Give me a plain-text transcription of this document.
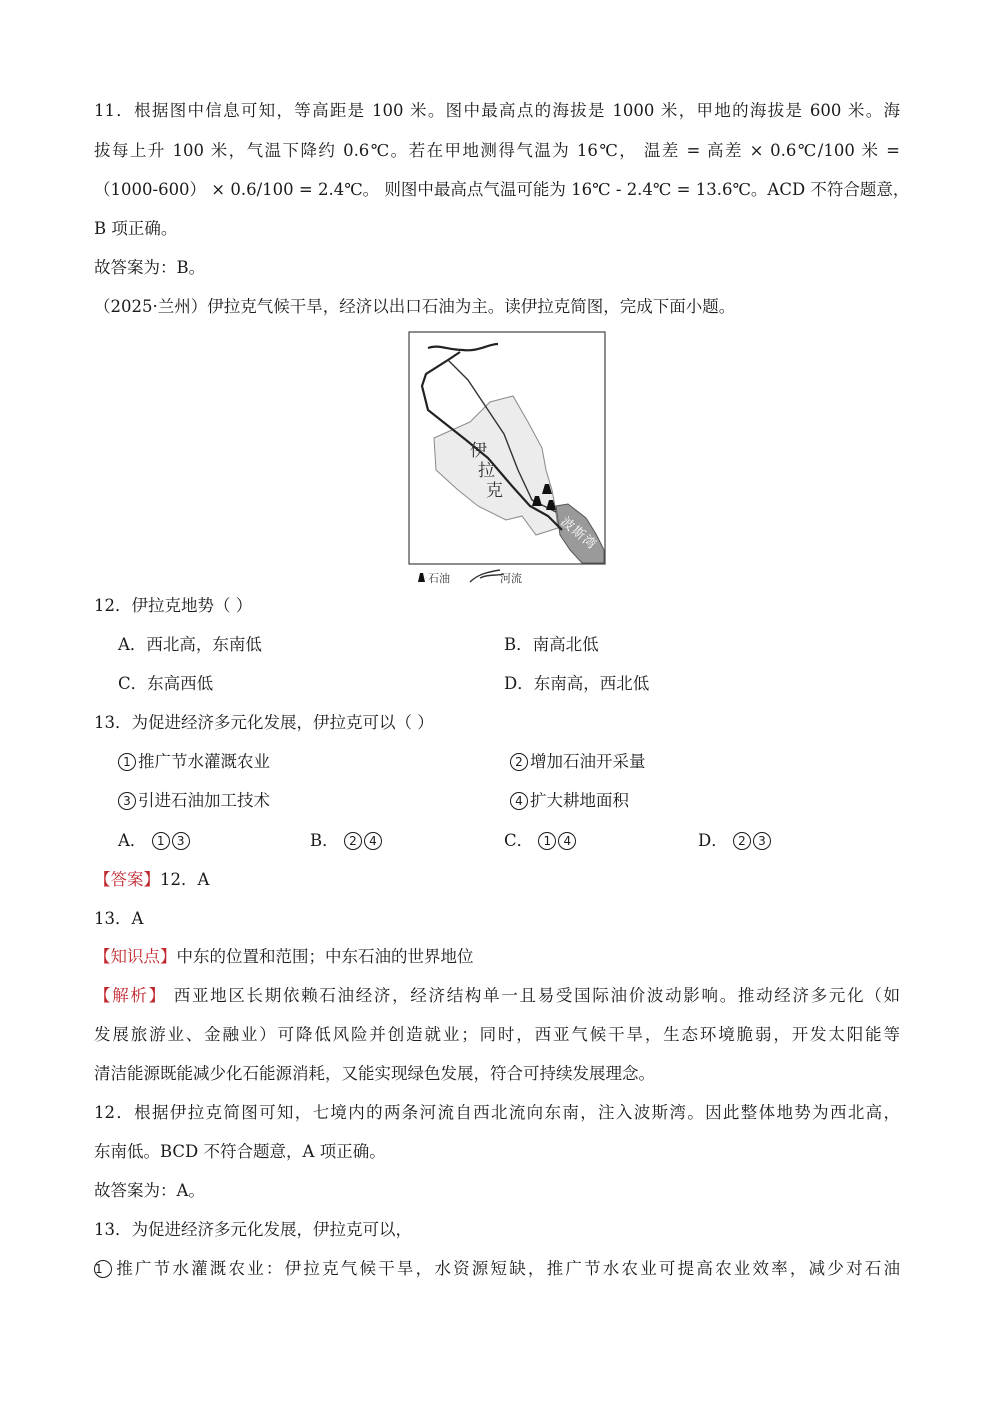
11．根据图中信息可知，等高距是 100 米。图中最高点的海拔是 1000 米，甲地的海拔是 600 米。海
拔每上升 100 米，气温下降约 0.6℃。若在甲地测得气温为 16℃， 温差 = 高差 × 0.6℃/100 米 =
（1000-600） × 0.6/100 = 2.4℃。 则图中最高点气温可能为 16℃ - 2.4℃ = 13.6℃。ACD 不符合题意，
B 项正确。
故答案为：B。
（2025·兰州）伊拉克气候干旱，经济以出口石油为主。读伊拉克简图，完成下面小题。
伊
拉
克
波
斯
湾
石油	河流
12．伊拉克地势（ ）
A．西北高，东南低	B．南高北低
C．东高西低	D．东南高，西北低
13．为促进经济多元化发展，伊拉克可以（ ）
1 推广节水灌溉农业	2 增加石油开采量
3 引进石油加工技术	4 扩大耕地面积
A． 1 3	B． 2 4	C． 1 4	D． 2 3
【答案】12．A
13．A
【知识点】中东的位置和范围；中东石油的世界地位
【解析】 西亚地区长期依赖石油经济，经济结构单一且易受国际油价波动影响。推动经济多元化（如
发展旅游业、金融业）可降低风险并创造就业；同时，西亚气候干旱，生态环境脆弱，开发太阳能等
清洁能源既能减少化石能源消耗，又能实现绿色发展，符合可持续发展理念。
12．根据伊拉克简图可知，七境内的两条河流自西北流向东南，注入波斯湾。因此整体地势为西北高，
东南低。BCD 不符合题意，A 项正确。
故答案为：A。
13．为促进经济多元化发展，伊拉克可以，
1 推广节水灌溉农业：伊拉克气候干旱，水资源短缺，推广节水农业可提高农业效率，减少对石油
